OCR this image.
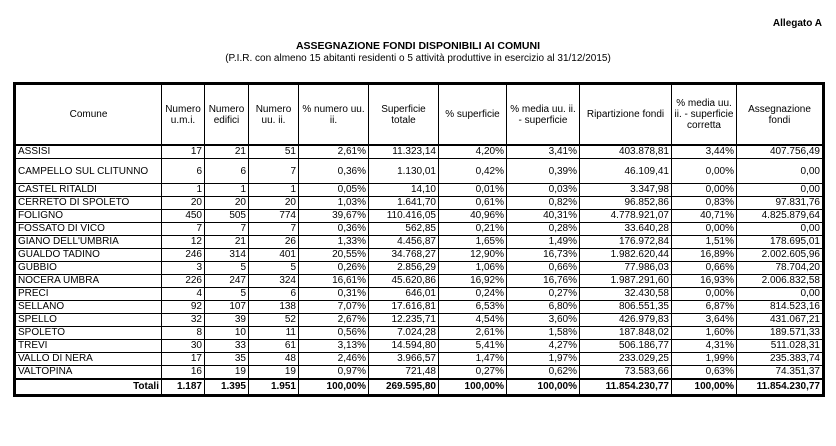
Allegato A
ASSEGNAZIONE FONDI DISPONIBILI AI COMUNI
(P.I.R. con almeno 15 abitanti residenti o 5 attività produttive in esercizio al 31/12/2015)
Comune	Numero u.m.i.	Numero edifici	Numero uu. ii.	% numero uu. ii.	Superficie totale	% superficie	% media uu. ii. - superficie	Ripartizione fondi	% media uu. ii. - superficie corretta	Assegnazione fondi
ASSISI	17	21	51	2,61%	11.323,14	4,20%	3,41%	403.878,81	3,44%	407.756,49
CAMPELLO SUL CLITUNNO	6	6	7	0,36%	1.130,01	0,42%	0,39%	46.109,41	0,00%	0,00
CASTEL RITALDI	1	1	1	0,05%	14,10	0,01%	0,03%	3.347,98	0,00%	0,00
CERRETO DI SPOLETO	20	20	20	1,03%	1.641,70	0,61%	0,82%	96.852,86	0,83%	97.831,76
FOLIGNO	450	505	774	39,67%	110.416,05	40,96%	40,31%	4.778.921,07	40,71%	4.825.879,64
FOSSATO DI VICO	7	7	7	0,36%	562,85	0,21%	0,28%	33.640,28	0,00%	0,00
GIANO DELL'UMBRIA	12	21	26	1,33%	4.456,87	1,65%	1,49%	176.972,84	1,51%	178.695,01
GUALDO TADINO	246	314	401	20,55%	34.768,27	12,90%	16,73%	1.982.620,44	16,89%	2.002.605,96
GUBBIO	3	5	5	0,26%	2.856,29	1,06%	0,66%	77.986,03	0,66%	78.704,20
NOCERA UMBRA	226	247	324	16,61%	45.620,86	16,92%	16,76%	1.987.291,60	16,93%	2.006.832,58
PRECI	4	5	6	0,31%	646,01	0,24%	0,27%	32.430,58	0,00%	0,00
SELLANO	92	107	138	7,07%	17.616,81	6,53%	6,80%	806.551,35	6,87%	814.523,16
SPELLO	32	39	52	2,67%	12.235,71	4,54%	3,60%	426.979,83	3,64%	431.067,21
SPOLETO	8	10	11	0,56%	7.024,28	2,61%	1,58%	187.848,02	1,60%	189.571,33
TREVI	30	33	61	3,13%	14.594,80	5,41%	4,27%	506.186,77	4,31%	511.028,31
VALLO DI NERA	17	35	48	2,46%	3.966,57	1,47%	1,97%	233.029,25	1,99%	235.383,74
VALTOPINA	16	19	19	0,97%	721,48	0,27%	0,62%	73.583,66	0,63%	74.351,37
Totali	1.187	1.395	1.951	100,00%	269.595,80	100,00%	100,00%	11.854.230,77	100,00%	11.854.230,77
